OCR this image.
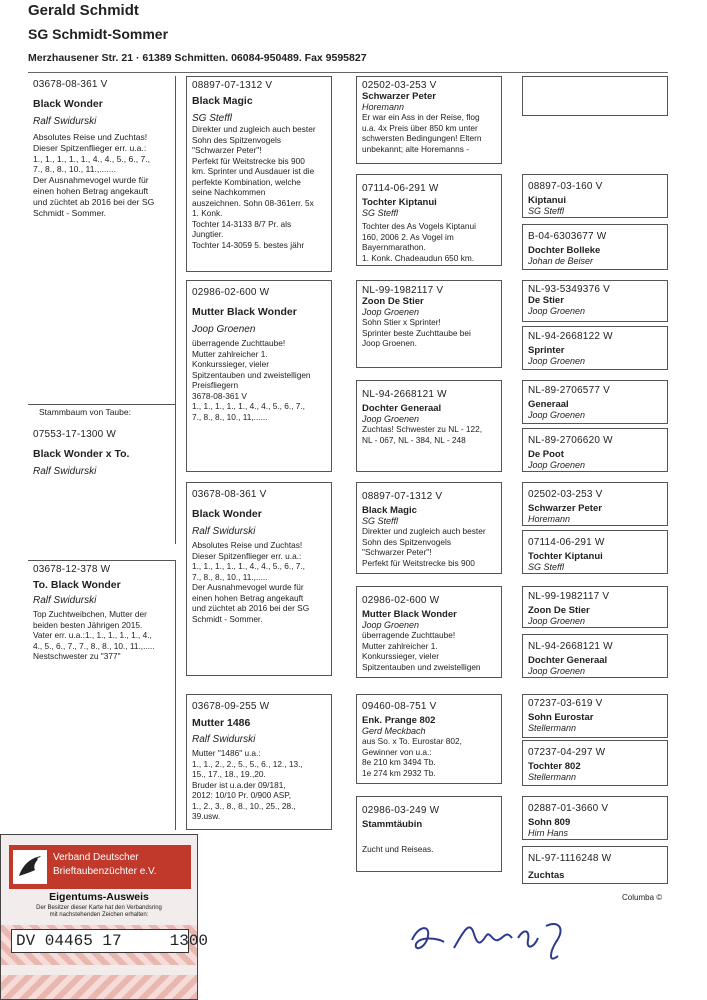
Gerald Schmidt
SG Schmidt-Sommer
Merzhausener Str. 21 · 61389 Schmitten. 06084-950489. Fax 9595827
03678-08-361 V
Black Wonder
Ralf Swidurski
Absolutes Reise und Zuchtas!
Dieser Spitzenflieger err. u.a.:
1., 1., 1., 1., 1., 4., 4., 5., 6., 7.,
7., 8., 8., 10., 11.,.......
Der Ausnahmevogel wurde für
einen hohen Betrag angekauft
und züchtet ab 2016 bei der SG
Schmidt - Sommer.
Stammbaum von Taube:
07553-17-1300 W
Black Wonder x To.
Ralf Swidurski
03678-12-378 W
To. Black Wonder
Ralf Swidurski
Top Zuchtweibchen, Mutter der
beiden besten Jährigen 2015.
Vater err. u.a.:1., 1., 1., 1., 1., 4.,
4., 5., 6., 7., 7., 8., 8., 10., 11.,.....
Nestschwester zu "377"
08897-07-1312 V
Black Magic
SG Steffl
Direkter und zugleich auch bester
Sohn des Spitzenvogels
"Schwarzer Peter"!
Perfekt für Weitstrecke bis 900
km. Sprinter und Ausdauer ist die
perfekte Kombination, welche
seine Nachkommen
auszeichnen. Sohn 08-361err. 5x
1. Konk.
Tochter 14-3133 8/7 Pr. als
Jungtier.
Tochter 14-3059 5. bestes jähr
02986-02-600 W
Mutter Black Wonder
Joop Groenen
überragende Zuchttaube!
Mutter zahlreicher 1.
Konkurssieger, vieler
Spitzentauben und zweistelligen
Preisfliegern
3678-08-361 V
1., 1., 1., 1., 1., 4., 4., 5., 6., 7.,
7., 8., 8., 10., 11,......
03678-08-361 V
Black Wonder
Ralf Swidurski
Absolutes Reise und Zuchtas!
Dieser Spitzenflieger err. u.a.:
1., 1., 1., 1., 1., 4., 4., 5., 6., 7.,
7., 8., 8., 10., 11.,.....
Der Ausnahmevogel wurde für
einen hohen Betrag angekauft
und züchtet ab 2016 bei der SG
Schmidt - Sommer.
03678-09-255 W
Mutter 1486
Ralf Swidurski
Mutter "1486" u.a.:
1., 1., 2., 2., 5., 5., 6., 12., 13.,
15., 17., 18., 19.,20.
Bruder ist u.a.der 09/181,
2012: 10/10 Pr. 0/900 ASP,
1., 2., 3., 8., 8., 10., 25., 28.,
39.usw.
02502-03-253 V
Schwarzer Peter
Horemann
Er war ein Ass in der Reise, flog
u.a. 4x Preis über 850 km unter
schwersten Bedingungen! Eltern
unbekannt; alte Horemanns -
07114-06-291 W
Tochter Kiptanui
SG Steffl
Tochter des As Vogels Kiptanui
160, 2006 2. As Vogel im
Bayernmarathon.
1. Konk. Chadeaudun 650 km.
NL-99-1982117 V
Zoon De Stier
Joop Groenen
Sohn Stier x Sprinter!
Sprinter beste Zuchttaube bei
Joop Groenen.
NL-94-2668121 W
Dochter Generaal
Joop Groenen
Zuchtas! Schwester zu NL - 122,
NL - 067, NL - 384, NL - 248
08897-07-1312 V
Black Magic
SG Steffl
Direkter und zugleich auch bester
Sohn des Spitzenvogels
"Schwarzer Peter"!
Perfekt für Weitstrecke bis 900
02986-02-600 W
Mutter Black Wonder
Joop Groenen
überragende Zuchttaube!
Mutter zahlreicher 1.
Konkurssieger, vieler
Spitzentauben und zweistelligen
09460-08-751 V
Enk. Prange 802
Gerd Meckbach
aus So. x To. Eurostar 802,
Gewinner von u.a.:
8e 210 km 3494 Tb.
1e 274 km 2932 Tb.
02986-03-249 W
Stammtäubin
Zucht und Reiseas.
08897-03-160 V
Kiptanui
SG Steffl
B-04-6303677 W
Dochter Bolleke
Johan de Beiser
NL-93-5349376 V
De Stier
Joop Groenen
NL-94-2668122 W
Sprinter
Joop Groenen
NL-89-2706577 V
Generaal
Joop Groenen
NL-89-2706620 W
De Poot
Joop Groenen
02502-03-253 V
Schwarzer Peter
Horemann
07114-06-291 W
Tochter Kiptanui
SG Steffl
NL-99-1982117 V
Zoon De Stier
Joop Groenen
NL-94-2668121 W
Dochter Generaal
Joop Groenen
07237-03-619 V
Sohn Eurostar
Stellermann
07237-04-297 W
Tochter 802
Stellermann
02887-01-3660 V
Sohn 809
Hirn Hans
NL-97-1116248 W
Zuchtas
Columba ©
Verband Deutscher
Brieftaubenzüchter e.V.
Eigentums-Ausweis
Der Besitzer dieser Karte hat den Verbandsring
mit nachstehenden Zeichen erhalten:
DV 04465 17     1300
